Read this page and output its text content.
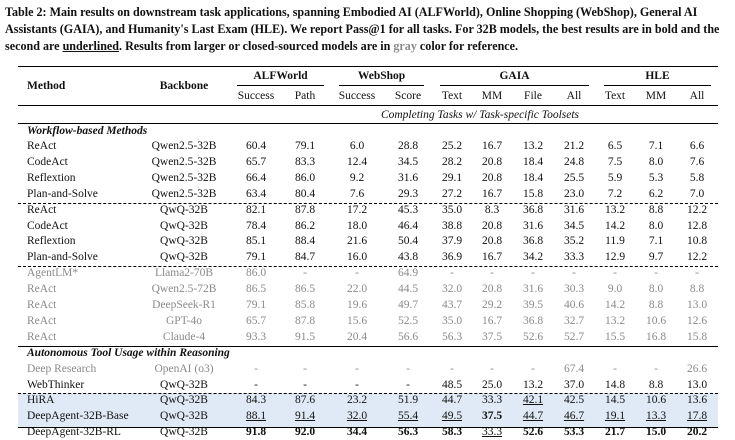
Table 2: Main results on downstream task applications, spanning Embodied AI (ALFWorld), Online Shopping (WebShop), General AI Assistants (GAIA), and Humanity's Last Exam (HLE). We report Pass@1 for all tasks. For 32B models, the best results are in bold and the second are underlined. Results from larger or closed-sourced models are in gray color for reference.
Method	Backbone
ALFWorld	WebShop	GAIA	HLE
Success Path Success Score Text MM File All Text MM All
Completing Tasks w/ Task-specific Toolsets
Workflow-based Methods
ReAct	Qwen2.5-32B	60.4	79.1	6.0	28.8 25.2 16.7 13.2 21.2 6.5 7.1 6.6
CodeAct	Qwen2.5-32B	65.7	83.3	12.4	34.5 28.2 20.8 18.4 24.8 7.5 8.0 7.6
Reflextion	Qwen2.5-32B	66.4	86.0	9.2	31.6 29.1 20.8 18.4 25.5 5.9 5.3 5.8
Plan-and-Solve	Qwen2.5-32B	63.4	80.4	7.6	29.3 27.2 16.7 15.8 23.0 7.2 6.2 7.0
ReAct	QwQ-32B	82.1	87.8	17.2	45.3 35.0 8.3 36.8 31.6 13.2 8.8 12.2
CodeAct	QwQ-32B	78.4	86.2	18.0	46.4 38.8 20.8 31.6 34.5 14.2 8.0 12.8
Reflextion	QwQ-32B	85.1	88.4	21.6	50.4 37.9 20.8 36.8 35.2 11.9 7.1 10.8
Plan-and-Solve	QwQ-32B	79.1	84.7	16.0	43.8 36.9 16.7 34.2 33.3 12.9 9.7 12.2
AgentLM*	Llama2-70B	86.0	-	-	64.9	-	-	-	-	-	-	-
ReAct	Qwen2.5-72B	86.5	86.5	22.0	44.5 32.0 20.8 31.6 30.3 9.0 8.0 8.8
ReAct	DeepSeek-R1	79.1	85.8	19.6	49.7 43.7 29.2 39.5 40.6 14.2 8.8 13.0
ReAct	GPT-4o	65.7	87.8	15.6	52.5 35.0 16.7 36.8 32.7 13.2 10.6 12.6
ReAct	Claude-4	93.3	91.5	20.4	56.6 56.3 37.5 52.6 52.7 15.5 16.8 15.8
Deep Research	OpenAI (o3)	-	-	-	-	-	-	-	67.4	-	-	26.6
WebThinker	QwQ-32B	-	-	-	-	48.5 25.0 13.2 37.0 14.8 8.8 13.0
HiRA	QwQ-32B	84.3	87.6	23.2	51.9 44.7 33.3 42.1 42.5 14.5 10.6 13.6
DeepAgent-32B-Base	QwQ-32B	88.1	91.4	32.0	55.4 49.5 37.5 44.7 46.7 19.1 13.3 17.8
DeepAgent-32B-RL	QwQ-32B	91.8	92.0	34.4	56.3 58.3 33.3 52.6 53.3 21.7 15.0 20.2
Autonomous Tool Usage within Reasoning
